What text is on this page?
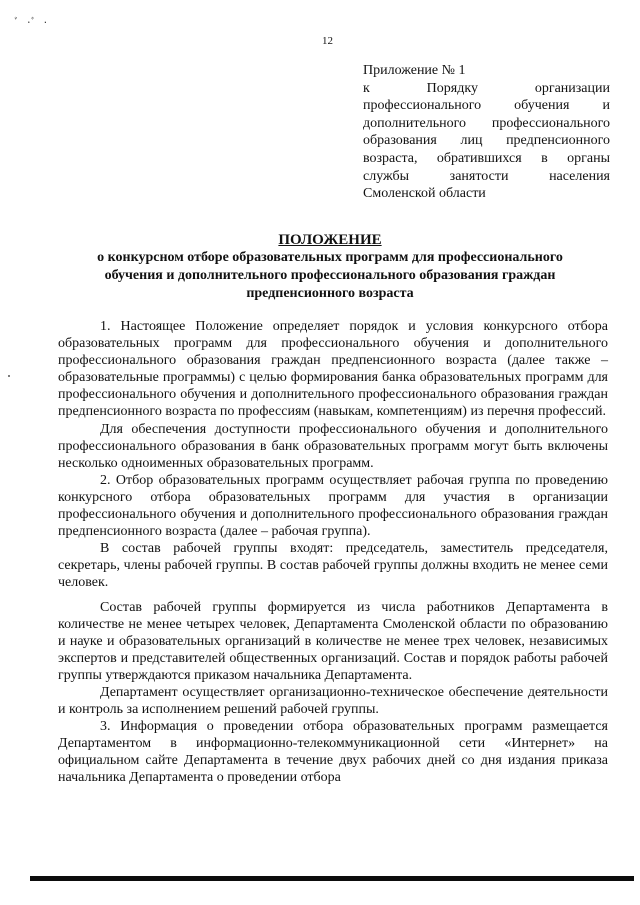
ﾞ ·ﾞ ·
12
Приложение № 1
к Порядку организации профессионального обучения и дополнительного профессионального образования лиц предпенсионного возраста, обратившихся в органы службы занятости населения Смоленской области
ПОЛОЖЕНИЕ
о конкурсном отборе образовательных программ для профессионального обучения и дополнительного профессионального образования граждан предпенсионного возраста

1. Настоящее Положение определяет порядок и условия конкурсного отбора образовательных программ для профессионального обучения и дополнительного профессионального образования граждан предпенсионного возраста (далее также – образовательные программы) с целью формирования банка образовательных программ для профессионального обучения и дополнительного профессионального образования граждан предпенсионного возраста по профессиям (навыкам, компетенциям) из перечня профессий.

Для обеспечения доступности профессионального обучения и дополнительного профессионального образования в банк образовательных программ могут быть включены несколько одноименных образовательных программ.

2. Отбор образовательных программ осуществляет рабочая группа по проведению конкурсного отбора образовательных программ для участия в организации профессионального обучения и дополнительного профессионального образования граждан предпенсионного возраста (далее – рабочая группа).

В состав рабочей группы входят: председатель, заместитель председателя, секретарь, члены рабочей группы. В состав рабочей группы должны входить не менее семи человек.

Состав рабочей группы формируется из числа работников Департамента в количестве не менее четырех человек, Департамента Смоленской области по образованию и науке и образовательных организаций в количестве не менее трех человек, независимых экспертов и представителей общественных организаций. Состав и порядок работы рабочей группы утверждаются приказом начальника Департамента.

Департамент осуществляет организационно-техническое обеспечение деятельности и контроль за исполнением решений рабочей группы.

3. Информация о проведении отбора образовательных программ размещается Департаментом в информационно-телекоммуникационной сети «Интернет» на официальном сайте Департамента в течение двух рабочих дней со дня издания приказа начальника Департамента о проведении отбора
